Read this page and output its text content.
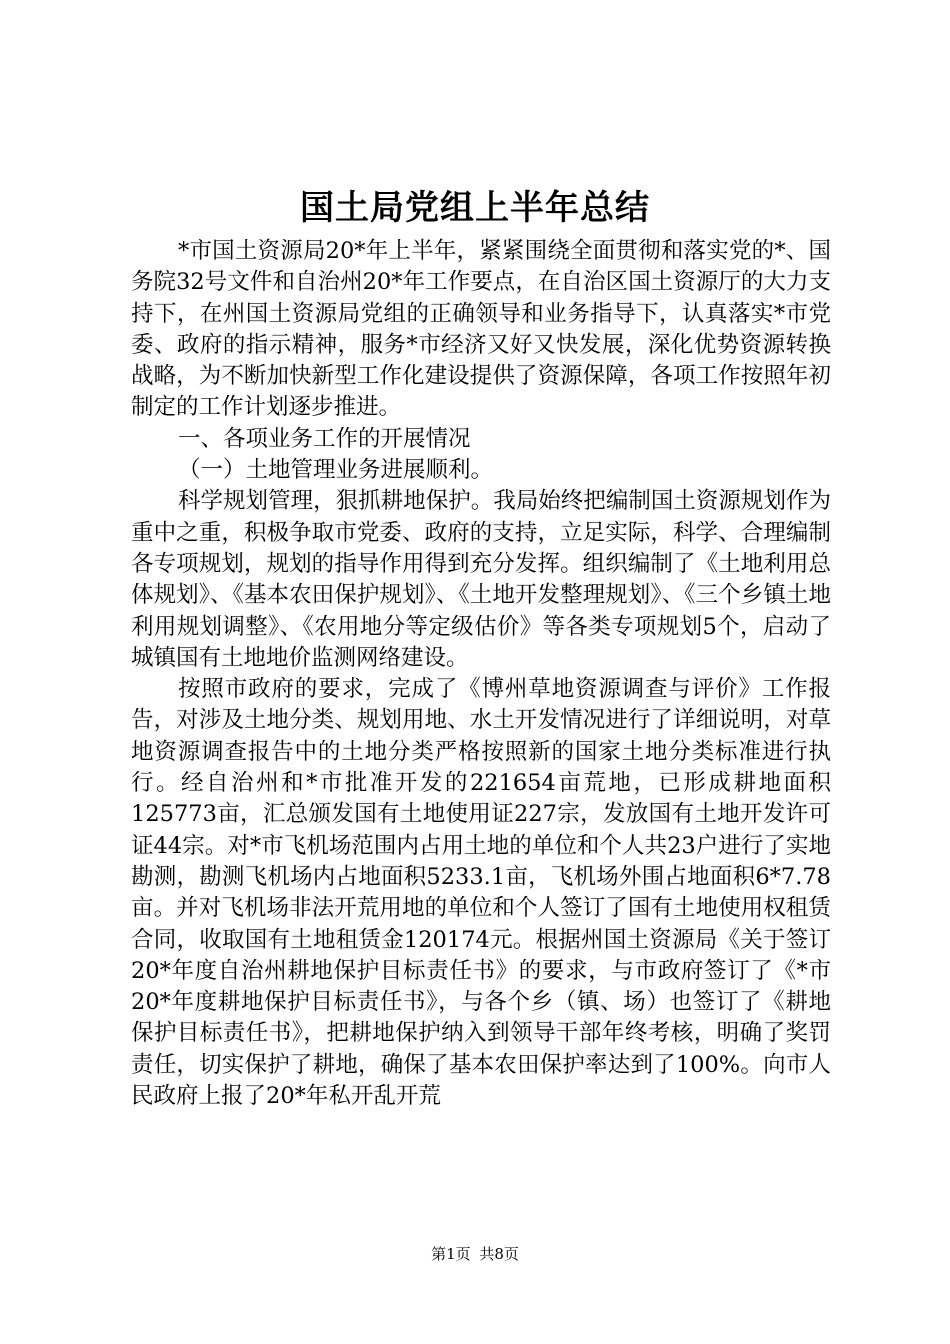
国土局党组上半年总结

*市国土资源局20*年上半年，紧紧围绕全面贯彻和落实党的*、国务院32号文件和自治州20*年工作要点，在自治区国土资源厅的大力支持下，在州国土资源局党组的正确领导和业务指导下，认真落实*市党委、政府的指示精神，服务*市经济又好又快发展，深化优势资源转换战略，为不断加快新型工作化建设提供了资源保障，各项工作按照年初制定的工作计划逐步推进。

一、各项业务工作的开展情况

（一）土地管理业务进展顺利。

科学规划管理，狠抓耕地保护。我局始终把编制国土资源规划作为重中之重，积极争取市党委、政府的支持，立足实际，科学、合理编制各专项规划，规划的指导作用得到充分发挥。组织编制了《土地利用总体规划》、《基本农田保护规划》、《土地开发整理规划》、《三个乡镇土地利用规划调整》、《农用地分等定级估价》等各类专项规划5个，启动了城镇国有土地地价监测网络建设。

按照市政府的要求，完成了《博州草地资源调查与评价》工作报告，对涉及土地分类、规划用地、水土开发情况进行了详细说明，对草地资源调查报告中的土地分类严格按照新的国家土地分类标准进行执行。经自治州和*市批准开发的221654亩荒地，已形成耕地面积125773亩，汇总颁发国有土地使用证227宗，发放国有土地开发许可证44宗。对*市飞机场范围内占用土地的单位和个人共23户进行了实地勘测，勘测飞机场内占地面积5233.1亩，飞机场外围占地面积6*7.78亩。并对飞机场非法开荒用地的单位和个人签订了国有土地使用权租赁合同，收取国有土地租赁金120174元。根据州国土资源局《关于签订20*年度自治州耕地保护目标责任书》的要求，与市政府签订了《*市20*年度耕地保护目标责任书》，与各个乡（镇、场）也签订了《耕地保护目标责任书》，把耕地保护纳入到领导干部年终考核，明确了奖罚责任，切实保护了耕地，确保了基本农田保护率达到了100%。向市人民政府上报了20*年私开乱开荒

第1页 共8页
